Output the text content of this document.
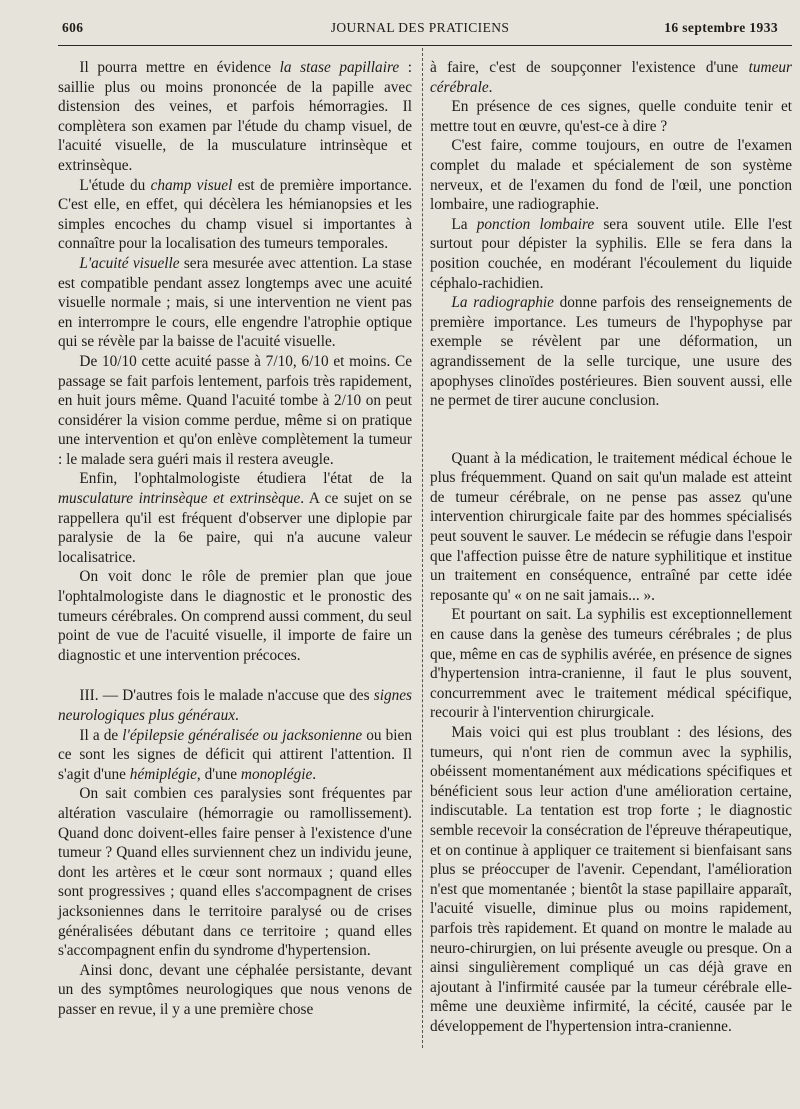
606	JOURNAL DES PRATICIENS	16 septembre 1933

Il pourra mettre en évidence la stase papillaire : saillie plus ou moins prononcée de la papille avec distension des veines, et parfois hémorragies. Il complètera son examen par l'étude du champ visuel, de l'acuité visuelle, de la musculature intrinsèque et extrinsèque.

L'étude du champ visuel est de première importance. C'est elle, en effet, qui décèlera les hémianopsies et les simples encoches du champ visuel si importantes à connaître pour la localisation des tumeurs temporales.

L'acuité visuelle sera mesurée avec attention. La stase est compatible pendant assez longtemps avec une acuité visuelle normale ; mais, si une intervention ne vient pas en interrompre le cours, elle engendre l'atrophie optique qui se révèle par la baisse de l'acuité visuelle.

De 10/10 cette acuité passe à 7/10, 6/10 et moins. Ce passage se fait parfois lentement, parfois très rapidement, en huit jours même. Quand l'acuité tombe à 2/10 on peut considérer la vision comme perdue, même si on pratique une intervention et qu'on enlève complètement la tumeur : le malade sera guéri mais il restera aveugle.

Enfin, l'ophtalmologiste étudiera l'état de la musculature intrinsèque et extrinsèque. A ce sujet on se rappellera qu'il est fréquent d'observer une diplopie par paralysie de la 6e paire, qui n'a aucune valeur localisatrice.

On voit donc le rôle de premier plan que joue l'ophtalmologiste dans le diagnostic et le pronostic des tumeurs cérébrales. On comprend aussi comment, du seul point de vue de l'acuité visuelle, il importe de faire un diagnostic et une intervention précoces.

III. — D'autres fois le malade n'accuse que des signes neurologiques plus généraux.

Il a de l'épilepsie généralisée ou jacksonienne ou bien ce sont les signes de déficit qui attirent l'attention. Il s'agit d'une hémiplégie, d'une monoplégie.

On sait combien ces paralysies sont fréquentes par altération vasculaire (hémorragie ou ramollissement). Quand donc doivent-elles faire penser à l'existence d'une tumeur ? Quand elles surviennent chez un individu jeune, dont les artères et le cœur sont normaux ; quand elles sont progressives ; quand elles s'accompagnent de crises jacksoniennes dans le territoire paralysé ou de crises généralisées débutant dans ce territoire ; quand elles s'accompagnent enfin du syndrome d'hypertension.

Ainsi donc, devant une céphalée persistante, devant un des symptômes neurologiques que nous venons de passer en revue, il y a une première chose

à faire, c'est de soupçonner l'existence d'une tumeur cérébrale.

En présence de ces signes, quelle conduite tenir et mettre tout en œuvre, qu'est-ce à dire ?

C'est faire, comme toujours, en outre de l'examen complet du malade et spécialement de son système nerveux, et de l'examen du fond de l'œil, une ponction lombaire, une radiographie.

La ponction lombaire sera souvent utile. Elle l'est surtout pour dépister la syphilis. Elle se fera dans la position couchée, en modérant l'écoulement du liquide céphalo-rachidien.

La radiographie donne parfois des renseignements de première importance. Les tumeurs de l'hypophyse par exemple se révèlent par une déformation, un agrandissement de la selle turcique, une usure des apophyses clinoïdes postérieures. Bien souvent aussi, elle ne permet de tirer aucune conclusion.

Quant à la médication, le traitement médical échoue le plus fréquemment. Quand on sait qu'un malade est atteint de tumeur cérébrale, on ne pense pas assez qu'une intervention chirurgicale faite par des hommes spécialisés peut souvent le sauver. Le médecin se réfugie dans l'espoir que l'affection puisse être de nature syphilitique et institue un traitement en conséquence, entraîné par cette idée reposante qu' « on ne sait jamais... ».

Et pourtant on sait. La syphilis est exceptionnellement en cause dans la genèse des tumeurs cérébrales ; de plus que, même en cas de syphilis avérée, en présence de signes d'hypertension intra-cranienne, il faut le plus souvent, concurremment avec le traitement médical spécifique, recourir à l'intervention chirurgicale.

Mais voici qui est plus troublant : des lésions, des tumeurs, qui n'ont rien de commun avec la syphilis, obéissent momentanément aux médications spécifiques et bénéficient sous leur action d'une amélioration certaine, indiscutable. La tentation est trop forte ; le diagnostic semble recevoir la consécration de l'épreuve thérapeutique, et on continue à appliquer ce traitement si bienfaisant sans plus se préoccuper de l'avenir. Cependant, l'amélioration n'est que momentanée ; bientôt la stase papillaire apparaît, l'acuité visuelle, diminue plus ou moins rapidement, parfois très rapidement. Et quand on montre le malade au neuro-chirurgien, on lui présente aveugle ou presque. On a ainsi singulièrement compliqué un cas déjà grave en ajoutant à l'infirmité causée par la tumeur cérébrale elle-même une deuxième infirmité, la cécité, causée par le développement de l'hypertension intra-cranienne.
